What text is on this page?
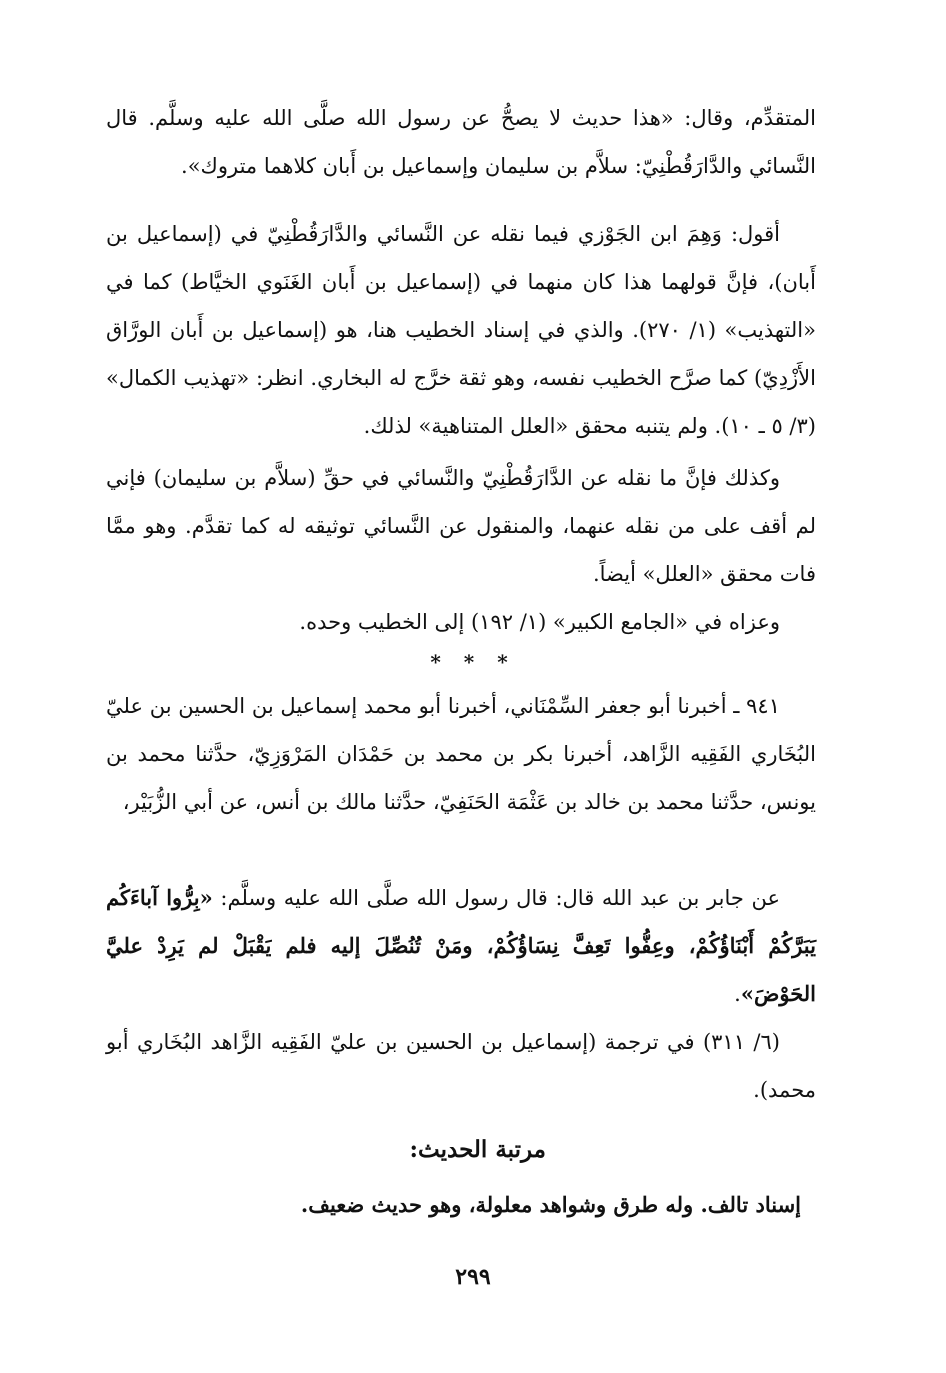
المتقدِّم، وقال: «هذا حديث لا يصحُّ عن رسول الله صلَّى الله عليه وسلَّم. قال النَّسائي والدَّارَقُطْنِيّ: سلاَّم بن سليمان وإسماعيل بن أَبان كلاهما متروك».

أقول: وَهِمَ ابن الجَوْزي فيما نقله عن النَّسائي والدَّارَقُطْنِيّ في (إسماعيل بن أَبان)، فإنَّ قولهما هذا كان منهما في (إسماعيل بن أَبان الغَنَوي الخيَّاط) كما في «التهذيب» (١/ ٢٧٠). والذي في إسناد الخطيب هنا، هو (إسماعيل بن أَبان الورَّاق الأَزْدِيّ) كما صرَّح الخطيب نفسه، وهو ثقة خرَّج له البخاري. انظر: «تهذيب الكمال» (٣/ ٥ ـ ١٠). ولم يتنبه محقق «العلل المتناهية» لذلك.

وكذلك فإنَّ ما نقله عن الدَّارَقُطْنِيّ والنَّسائي في حقِّ (سلاَّم بن سليمان) فإني لم أقف على من نقله عنهما، والمنقول عن النَّسائي توثيقه له كما تقدَّم. وهو ممَّا فات محقق «العلل» أيضاً.

وعزاه في «الجامع الكبير» (١/ ١٩٢) إلى الخطيب وحده.

* * *

٩٤١ ـ أخبرنا أبو جعفر السِّمْنَاني، أخبرنا أبو محمد إسماعيل بن الحسين بن عليّ البُخَاري الفَقِيه الزَّاهد، أخبرنا بكر بن محمد بن حَمْدَان المَرْوَزِيّ، حدَّثنا محمد بن يونس، حدَّثنا محمد بن خالد بن عَثْمَة الحَنَفِيّ، حدَّثنا مالك بن أنس، عن أبي الزُّبَيْر،

عن جابر بن عبد الله قال: قال رسول الله صلَّى الله عليه وسلَّم: «بِرُّوا آباءَكُم يَبَرَّكُمْ أَبْنَاؤُكُمْ، وعِفُّوا تَعِفَّ نِسَاؤُكُمْ، ومَنْ تُنُصِّلَ إليه فلم يَقْبَلْ لم يَرِدْ عليَّ الحَوْضَ».

(٦/ ٣١١) في ترجمة (إسماعيل بن الحسين بن عليّ الفَقِيه الزَّاهد البُخَاري أبو محمد).

مرتبة الحديث:

إسناد تالف. وله طرق وشواهد معلولة، وهو حديث ضعيف.

٢٩٩
